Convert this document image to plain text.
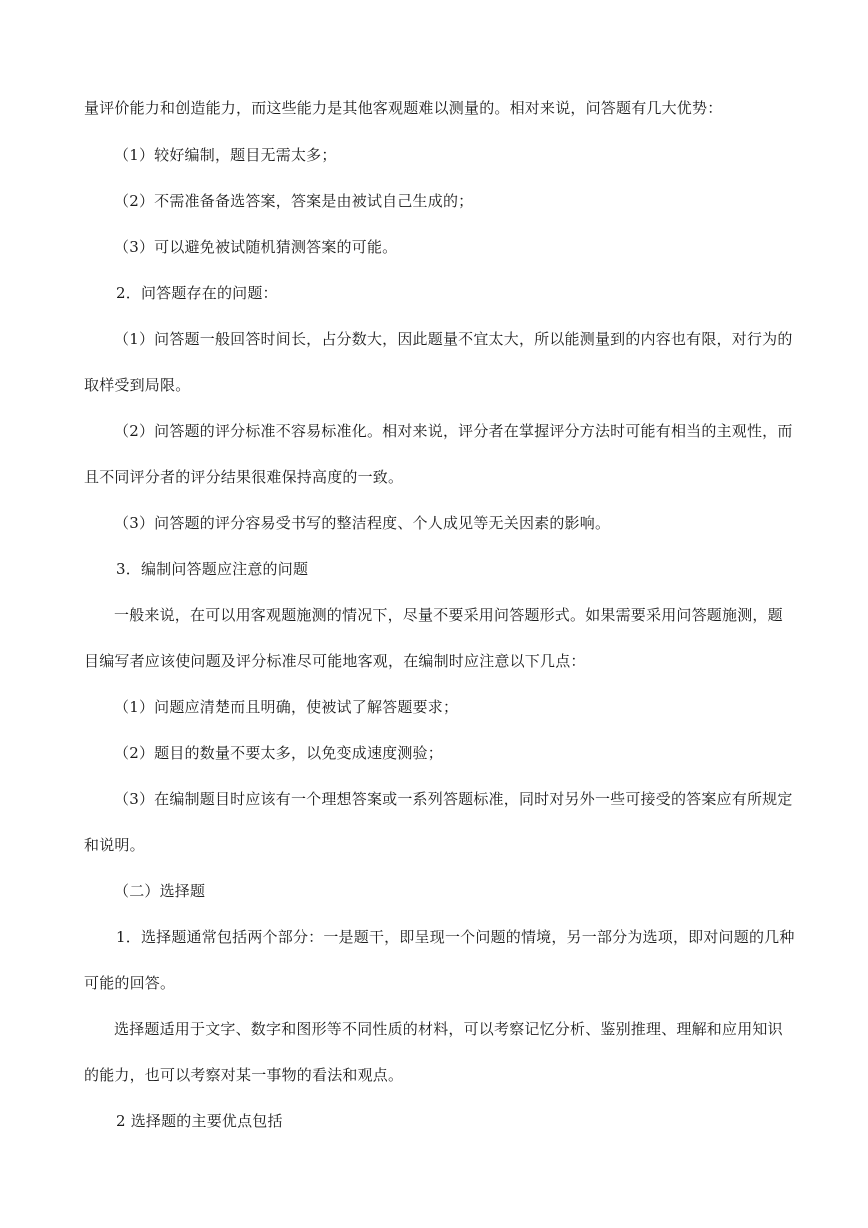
量评价能力和创造能力，而这些能力是其他客观题难以测量的。相对来说，问答题有几大优势：
（1）较好编制，题目无需太多；
（2）不需准备备选答案，答案是由被试自己生成的；
（3）可以避免被试随机猜测答案的可能。
2．问答题存在的问题：
（1）问答题一般回答时间长，占分数大，因此题量不宜太大，所以能测量到的内容也有限，对行为的
取样受到局限。
（2）问答题的评分标准不容易标准化。相对来说，评分者在掌握评分方法时可能有相当的主观性，而
且不同评分者的评分结果很难保持高度的一致。
（3）问答题的评分容易受书写的整洁程度、个人成见等无关因素的影响。
3．编制问答题应注意的问题
一般来说，在可以用客观题施测的情况下，尽量不要采用问答题形式。如果需要采用问答题施测，题
目编写者应该使问题及评分标准尽可能地客观，在编制时应注意以下几点：
（1）问题应清楚而且明确，使被试了解答题要求；
（2）题目的数量不要太多，以免变成速度测验；
（3）在编制题目时应该有一个理想答案或一系列答题标准，同时对另外一些可接受的答案应有所规定
和说明。
（二）选择题
1．选择题通常包括两个部分：一是题干，即呈现一个问题的情境，另一部分为选项，即对问题的几种
可能的回答。
选择题适用于文字、数字和图形等不同性质的材料，可以考察记忆分析、鉴别推理、理解和应用知识
的能力，也可以考察对某一事物的看法和观点。
2 选择题的主要优点包括
